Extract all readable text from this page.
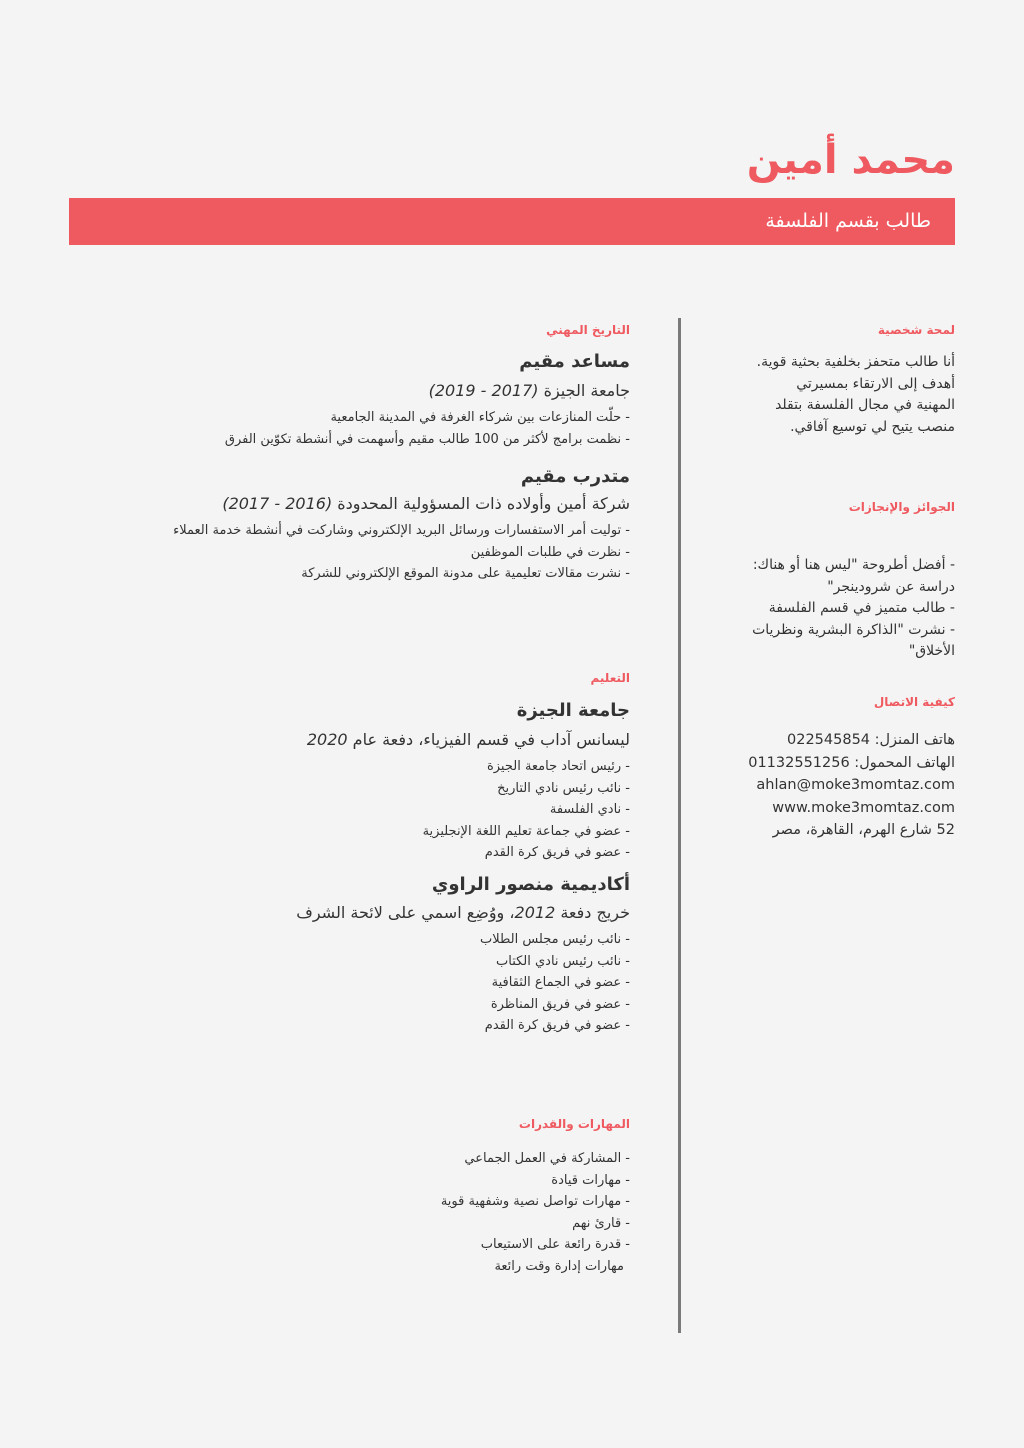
محمد أمين
طالب بقسم الفلسفة
لمحة شخصية

أنا طالب متحفز بخلفية بحثية قوية.
أهدف إلى الارتقاء بمسيرتي
المهنية في مجال الفلسفة بتقلد
منصب يتيح لي توسيع آفاقي.

الجوائز والإنجازات

- أفضل أطروحة "ليس هنا أو هناك:
دراسة عن شرودينجر"
- طالب متميز في قسم الفلسفة
- نشرت "الذاكرة البشرية ونظريات
الأخلاق"

كيفية الاتصال

هاتف المنزل: 022545854
الهاتف المحمول: 01132551256
ahlan@moke3momtaz.com
www.moke3momtaz.com
52 شارع الهرم، القاهرة، مصر

التاريخ المهني
مساعد مقيم

جامعة الجيزة (2017 - 2019)

- حلّت المنازعات بين شركاء الغرفة في المدينة الجامعية
- نظمت برامج لأكثر من 100 طالب مقيم وأسهمت في أنشطة تكوّين الفرق
متدرب مقيم

شركة أمين وأولاده ذات المسؤولية المحدودة (2016 - 2017)

- توليت أمر الاستفسارات ورسائل البريد الإلكتروني وشاركت في أنشطة خدمة العملاء
- نظرت في طلبات الموظفين
- نشرت مقالات تعليمية على مدونة الموقع الإلكتروني للشركة
التعليم
جامعة الجيزة

ليسانس آداب في قسم الفيزياء، دفعة عام 2020

- رئيس اتحاد جامعة الجيزة
- نائب رئيس نادي التاريخ
- نادي الفلسفة
- عضو في جماعة تعليم اللغة الإنجليزية
- عضو في فريق كرة القدم
أكاديمية منصور الراوي

خريج دفعة 2012، ووُضِع اسمي على لائحة الشرف

- نائب رئيس مجلس الطلاب
- نائب رئيس نادي الكتاب
- عضو في الجماع الثقافية
- عضو في فريق المناظرة
- عضو في فريق كرة القدم
المهارات والقدرات
- المشاركة في العمل الجماعي
- مهارات قيادة
- مهارات تواصل نصية وشفهية قوية
- قارئ نهم
- قدرة رائعة على الاستيعاب
مهارات إدارة وقت رائعة
